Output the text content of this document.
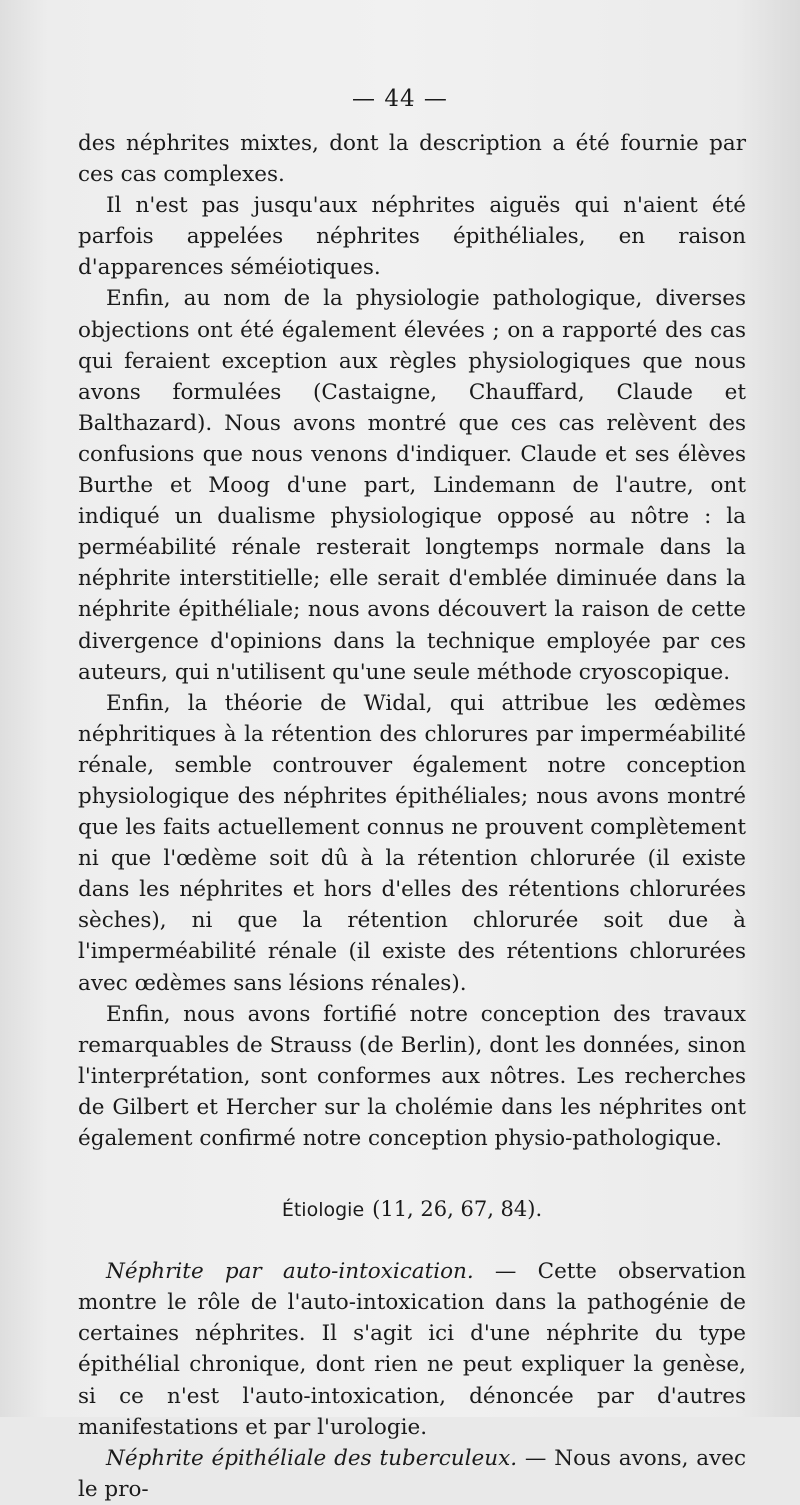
— 44 —

des néphrites mixtes, dont la description a été fournie par ces cas complexes.

Il n'est pas jusqu'aux néphrites aiguës qui n'aient été parfois appelées néphrites épithéliales, en raison d'apparences séméiotiques.

Enfin, au nom de la physiologie pathologique, diverses objections ont été également élevées ; on a rapporté des cas qui feraient exception aux règles physiologiques que nous avons formulées (Castaigne, Chauffard, Claude et Balthazard). Nous avons montré que ces cas relèvent des confusions que nous venons d'indiquer. Claude et ses élèves Burthe et Moog d'une part, Lindemann de l'autre, ont indiqué un dualisme physiologique opposé au nôtre : la perméabilité rénale resterait longtemps normale dans la néphrite interstitielle; elle serait d'emblée diminuée dans la néphrite épithéliale; nous avons découvert la raison de cette divergence d'opinions dans la technique employée par ces auteurs, qui n'utilisent qu'une seule méthode cryoscopique.

Enfin, la théorie de Widal, qui attribue les œdèmes néphritiques à la rétention des chlorures par imperméabilité rénale, semble controuver également notre conception physiologique des néphrites épithéliales; nous avons montré que les faits actuellement connus ne prouvent complètement ni que l'œdème soit dû à la rétention chlorurée (il existe dans les néphrites et hors d'elles des rétentions chlorurées sèches), ni que la rétention chlorurée soit due à l'imperméabilité rénale (il existe des rétentions chlorurées avec œdèmes sans lésions rénales).

Enfin, nous avons fortifié notre conception des travaux remarquables de Strauss (de Berlin), dont les données, sinon l'interprétation, sont conformes aux nôtres. Les recherches de Gilbert et Hercher sur la cholémie dans les néphrites ont également confirmé notre conception physio-pathologique.

Étiologie (11, 26, 67, 84).

Néphrite par auto-intoxication. — Cette observation montre le rôle de l'auto-intoxication dans la pathogénie de certaines néphrites. Il s'agit ici d'une néphrite du type épithélial chronique, dont rien ne peut expliquer la genèse, si ce n'est l'auto-intoxication, dénoncée par d'autres manifestations et par l'urologie.

Néphrite épithéliale des tuberculeux. — Nous avons, avec le pro-
